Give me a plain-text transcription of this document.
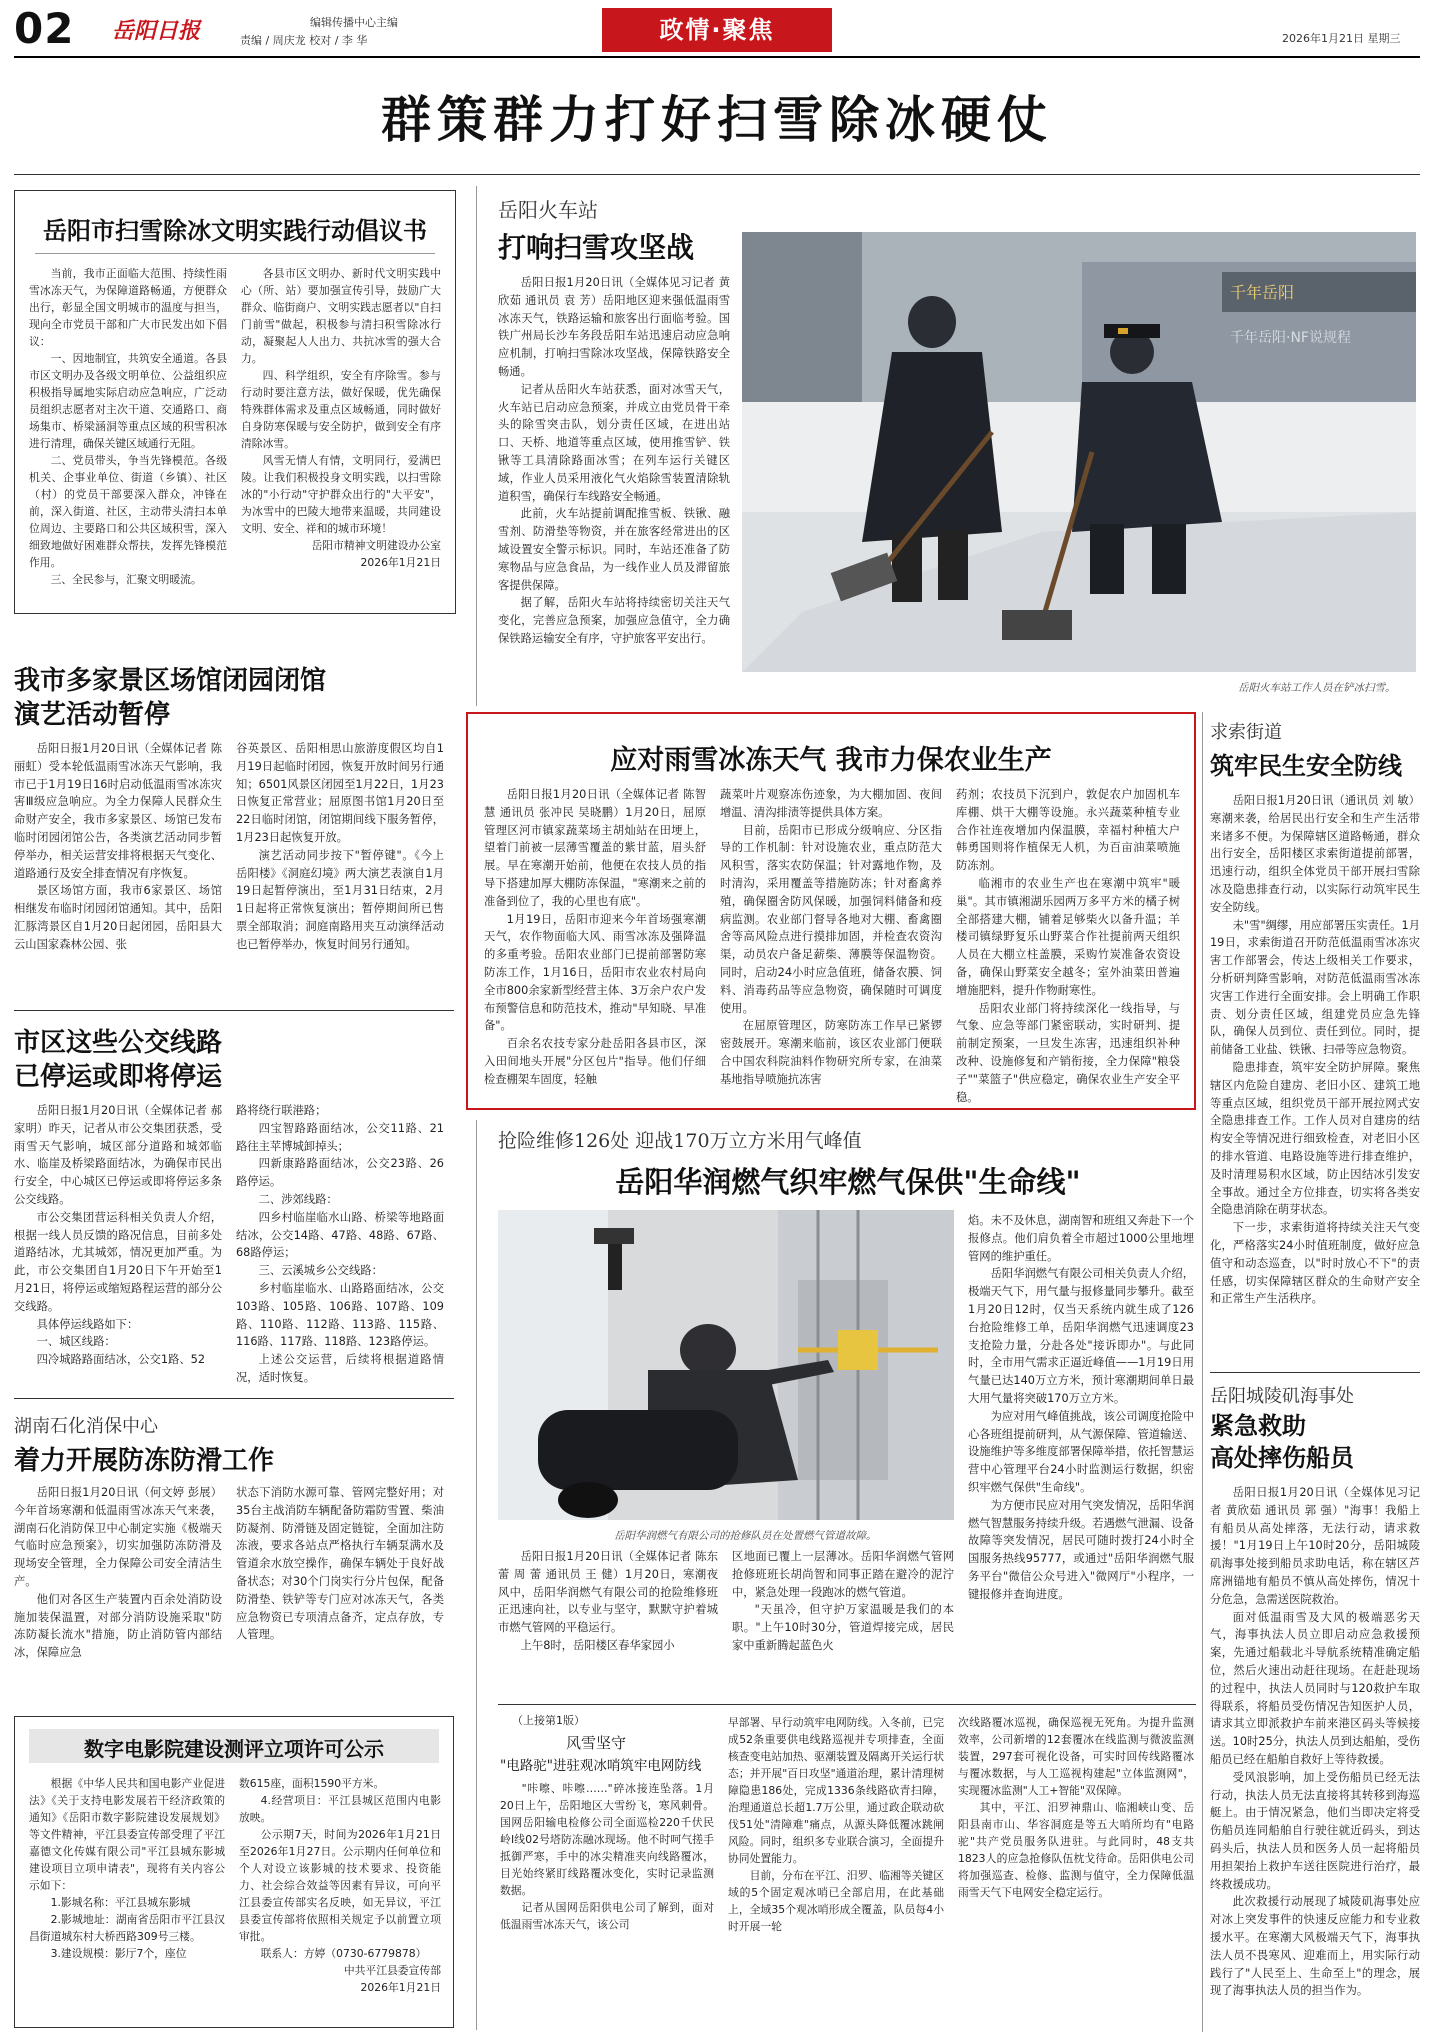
02 岳阳日报	编辑传播中心主编
责编 / 周庆龙 校对 / 李 华	政情·聚焦	2026年1月21日 星期三
群策群力打好扫雪除冰硬仗
岳阳市扫雪除冰文明实践行动倡议书

当前，我市正面临大范围、持续性雨雪冰冻天气，为保障道路畅通，方便群众出行，彰显全国文明城市的温度与担当，现向全市党员干部和广大市民发出如下倡议：

一、因地制宜，共筑安全通道。各县市区文明办及各级文明单位、公益组织应积极指导属地实际启动应急响应，广泛动员组织志愿者对主次干道、交通路口、商场集市、桥梁涵洞等重点区域的积雪积冰进行清理，确保关键区域通行无阻。

二、党员带头，争当先锋模范。各级机关、企事业单位、街道（乡镇）、社区（村）的党员干部要深入群众，冲锋在前，深入街道、社区，主动带头清扫本单位周边、主要路口和公共区域积雪，深入细致地做好困难群众帮扶，发挥先锋模范作用。

三、全民参与，汇聚文明暖流。

各县市区文明办、新时代文明实践中心（所、站）要加强宣传引导，鼓励广大群众、临街商户、文明实践志愿者以"自扫门前雪"做起，积极参与清扫积雪除冰行动，凝聚起人人出力、共抗冰雪的强大合力。

四、科学组织，安全有序除雪。参与行动时要注意方法，做好保暖，优先确保特殊群体需求及重点区域畅通，同时做好自身防寒保暖与安全防护，做到安全有序清除冰雪。

风雪无情人有情，文明同行，爱满巴陵。让我们积极投身文明实践，以扫雪除冰的"小行动"守护群众出行的"大平安"，为冰雪中的巴陵大地带来温暖，共同建设文明、安全、祥和的城市环境！

岳阳市精神文明建设办公室

2026年1月21日

岳阳火车站
打响扫雪攻坚战

岳阳日报1月20日讯（全媒体见习记者 黄欣茹 通讯员 袁 芳）岳阳地区迎来强低温雨雪冰冻天气，铁路运输和旅客出行面临考验。国铁广州局长沙车务段岳阳车站迅速启动应急响应机制，打响扫雪除冰攻坚战，保障铁路安全畅通。

记者从岳阳火车站获悉，面对冰雪天气，火车站已启动应急预案，并成立由党员骨干牵头的除雪突击队，划分责任区域，在进出站口、天桥、地道等重点区域，使用推雪铲、铁锹等工具清除路面冰雪；在列车运行关键区域，作业人员采用液化气火焰除雪装置清除轨道积雪，确保行车线路安全畅通。

此前，火车站提前调配推雪板、铁锹、融雪剂、防滑垫等物资，并在旅客经常进出的区域设置安全警示标识。同时，车站还准备了防寒物品与应急食品，为一线作业人员及滞留旅客提供保障。

据了解，岳阳火车站将持续密切关注天气变化，完善应急预案，加强应急值守，全力确保铁路运输安全有序，守护旅客平安出行。

千年岳阳
千年岳阳·NF说规程
岳阳火车站工作人员在铲冰扫雪。
我市多家景区场馆闭园闭馆
演艺活动暂停

岳阳日报1月20日讯（全媒体记者 陈丽虹）受本轮低温雨雪冰冻天气影响，我市已于1月19日16时启动低温雨雪冰冻灾害Ⅲ级应急响应。为全力保障人民群众生命财产安全，我市多家景区、场馆已发布临时闭园闭馆公告，各类演艺活动同步暂停举办，相关运营安排将根据天气变化、道路通行及安全排查情况有序恢复。

景区场馆方面，我市6家景区、场馆相继发布临时闭园闭馆通知。其中，岳阳汇豚湾景区自1月20日起闭园，岳阳县大云山国家森林公园、张

谷英景区、岳阳相思山旅游度假区均自1月19日起临时闭园，恢复开放时间另行通知；6501风景区闭园至1月22日，1月23日恢复正常营业；屈原图书馆1月20日至22日临时闭馆，闭馆期间线下服务暂停，1月23日起恢复开放。

演艺活动同步按下"暂停键"。《今上岳阳楼》《洞庭幻境》两大演艺表演自1月19日起暂停演出，至1月31日结束，2月1日起将正常恢复演出；暂停期间所已售票全部取消；洞庭南路用夹互动演绎活动也已暂停举办，恢复时间另行通知。

市区这些公交线路
已停运或即将停运

岳阳日报1月20日讯（全媒体记者 郝家明）昨天，记者从市公交集团获悉，受雨雪天气影响，城区部分道路和城郊临水、临崖及桥梁路面结冰，为确保市民出行安全，中心城区已停运或即将停运多条公交线路。

市公交集团营运科相关负责人介绍，根据一线人员反馈的路况信息，目前多处道路结冰，尤其城郊，情况更加严重。为此，市公交集团自1月20日下午开始至1月21日，将停运或缩短路程运营的部分公交线路。

具体停运线路如下：

一、城区线路：

四冷城路路面结冰，公交1路、52

路将绕行联港路；

四宝智路路面结冰，公交11路、21路往主苹博城卸掉头；

四新康路路面结冰，公交23路、26路停运。

二、涉郊线路：

四乡村临崖临水山路、桥梁等地路面结冰，公交14路、47路、48路、67路、68路停运；

三、云溪城乡公交线路：

乡村临崖临水、山路路面结冰，公交103路、105路、106路、107路、109路、110路、112路、113路、115路、116路、117路、118路、123路停运。

上述公交运营，后续将根据道路情况，适时恢复。

湖南石化消保中心
着力开展防冻防滑工作

岳阳日报1月20日讯（何文婷 彭展）今年首场寒潮和低温雨雪冰冻天气来袭，湖南石化消防保卫中心制定实施《极端天气临时应急预案》，切实加强防冻防滑及现场安全管理，全力保障公司安全清洁生产。

他们对各区生产装置内百余处消防设施加装保温置，对部分消防设施采取"防冻防凝长流水"措施，防止消防管内部结冰，保障应急

状态下消防水源可靠、管网完整好用；对35台主战消防车辆配备防霜防雪置、柴油防凝剂、防滑链及固定链锭，全面加注防冻液，要求各站点严格执行车辆泵满水及管道余水放空操作，确保车辆处于良好战备状态；对30个门岗实行分片包保，配备防滑垫、铁铲等专门应对冰冻天气，各类应急物资已专项清点备齐，定点存放，专人管理。

数字电影院建设测评立项许可公示

根据《中华人民共和国电影产业促进法》《关于支持电影发展若干经济政策的通知》《岳阳市数字影院建设发展规划》等文件精神，平江县委宣传部受理了平江嘉德文化传媒有限公司"平江县城东影城建设项目立项申请表"，现将有关内容公示如下：

1.影城名称：平江县城东影城

2.影城地址：湖南省岳阳市平江县汉昌街道城东村大桥西路309号三楼。

3.建设规模：影厅7个，座位

数615座，面积1590平方米。

4.经营项目：平江县城区范围内电影放映。

公示期7天，时间为2026年1月21日至2026年1月27日。公示期内任何单位和个人对设立该影城的技术要求、投资能力、社会综合效益等因素有异议，可向平江县委宣传部实名反映，如无异议，平江县委宣传部将依照相关规定予以前置立项审批。

联系人：方婷（0730-6779878）

中共平江县委宣传部

2026年1月21日

应对雨雪冰冻天气 我市力保农业生产

岳阳日报1月20日讯（全媒体记者 陈智慧 通讯员 张冲民 吴晓鹏）1月20日，屈原管理区河市镇家蔬菜场主胡灿站在田埂上，望着门前被一层薄雪覆盖的紫甘蓝，眉头舒展。早在寒潮开始前，他便在农技人员的指导下搭建加厚大棚防冻保温，"寒潮来之前的准备到位了，我的心里也有底"。

1月19日，岳阳市迎来今年首场强寒潮天气，农作物面临大风、雨雪冰冻及强降温的多重考验。岳阳农业部门已提前部署防寒防冻工作，1月16日，岳阳市农业农村局向全市800余家新型经营主体、3万余户农户发布预警信息和防范技术，推动"早知晓、早准备"。

百余名农技专家分赴岳阳各县市区，深入田间地头开展"分区包片"指导。他们仔细检查棚架车固度，轻触

蔬菜叶片观察冻伤迹象，为大棚加固、夜间增温、清沟排渍等提供具体方案。

目前，岳阳市已形成分级响应、分区指导的工作机制：针对设施农业，重点防范大风积雪，落实农防保温；针对露地作物，及时清沟，采用覆盖等措施防冻；针对畜禽养殖，确保圈舍防风保暖，加强饲料储备和疫病监测。农业部门督导各地对大棚、畜禽圈舍等高风险点进行摸排加固，并检查农资沟渠，动员农户备足薪柴、薄膜等保温物资。同时，启动24小时应急值班，储备农膜、饲料、消毒药品等应急物资，确保随时可调度使用。

在屈原管理区，防寒防冻工作早已紧锣密鼓展开。寒潮来临前，该区农业部门便联合中国农科院油料作物研究所专家，在油菜基地指导喷施抗冻害

药剂；农技员下沉到户，敦促农户加固机车库棚、烘干大棚等设施。永兴蔬菜种植专业合作社连夜增加内保温膜，幸福村种植大户韩勇国则将作植保无人机，为百亩油菜喷施防冻剂。

临湘市的农业生产也在寒潮中筑牢"暖巢"。其市镇湘湖乐园两万多平方米的橘子树全部搭建大棚，铺着足够柴火以备升温；羊楼司镇绿野复乐山野菜合作社提前两天组织人员在大棚立柱盖膜，采购竹炭准备农资设备，确保山野菜安全越冬；室外油菜田普遍增施肥料，提升作物耐寒性。

岳阳农业部门将持续深化一线指导，与气象、应急等部门紧密联动，实时研判、提前制定预案，一旦发生冻害，迅速组织补种改种、设施修复和产销衔接，全力保障"粮袋子""菜篮子"供应稳定，确保农业生产安全平稳。

求索街道
筑牢民生安全防线

岳阳日报1月20日讯（通讯员 刘 敏）寒潮来袭，给居民出行安全和生产生活带来诸多不便。为保障辖区道路畅通，群众出行安全，岳阳楼区求索街道提前部署，迅速行动，组织全体党员干部开展扫雪除冰及隐患排查行动，以实际行动筑牢民生安全防线。

未"雪"绸缪，用应部署压实责任。1月19日，求索街道召开防范低温雨雪冰冻灾害工作部署会，传达上级相关工作要求，分析研判降雪影响，对防范低温雨雪冰冻灾害工作进行全面安排。会上明确工作职责、划分责任区域，组建党员应急先锋队，确保人员到位、责任到位。同时，提前储备工业盐、铁锹、扫帚等应急物资。

隐患排查，筑牢安全防护屏障。聚焦辖区内危险自建房、老旧小区、建筑工地等重点区域，组织党员干部开展拉网式安全隐患排查工作。工作人员对自建房的结构安全等情况进行细致检查，对老旧小区的排水管道、电路设施等进行排查维护，及时清理易积水区域，防止因结冰引发安全事故。通过全方位排查，切实将各类安全隐患消除在萌芽状态。

下一步，求索街道将持续关注天气变化，严格落实24小时值班制度，做好应急值守和动态巡查，以"时时放心不下"的责任感，切实保障辖区群众的生命财产安全和正常生产生活秩序。

岳阳城陵矶海事处
紧急救助
高处摔伤船员

岳阳日报1月20日讯（全媒体见习记者 黄欣茹 通讯员 郭 强）"海事！我船上有船员从高处摔落，无法行动，请求救援！"1月19日上午10时20分，岳阳城陵矶海事处接到船员求助电话，称在辖区芦席洲锚地有船员不慎从高处摔伤，情况十分危急，急需送医院救治。

面对低温雨雪及大风的极端恶劣天气，海事执法人员立即启动应急救援预案，先通过船载北斗导航系统精准确定船位，然后火速出动赶往现场。在赶赴现场的过程中，执法人员同时与120救护车取得联系，将船员受伤情况告知医护人员，请求其立即派救护车前来港区码头等候接送。10时25分，执法人员到达船舶，受伤船员已经在船舶自救好上等待救援。

受风浪影响，加上受伤船员已经无法行动，执法人员无法直接将其转移到海巡艇上。由于情况紧急，他们当即决定将受伤船员连同船舶自行驶往就近码头，到达码头后，执法人员和医务人员一起将船员用担架抬上救护车送往医院进行治疗，最终救援成功。

此次救援行动展现了城陵矶海事处应对冰上突发事件的快速反应能力和专业救援水平。在寒潮大风极端天气下，海事执法人员不畏寒风、迎难而上，用实际行动践行了"人民至上、生命至上"的理念，展现了海事执法人员的担当作为。

抢险维修126处 迎战170万立方米用气峰值
岳阳华润燃气织牢燃气保供"生命线"
岳阳华润燃气有限公司的抢修队员在处置燃气管道故障。

焰。未不及休息，湖南智和班组又奔赴下一个报修点。他们肩负着全市超过1000公里地埋管网的维护重任。

岳阳华润燃气有限公司相关负责人介绍，极端天气下，用气量与报修量同步攀升。截至1月20日12时，仅当天系统内就生成了126台抢险维修工单，岳阳华润燃气迅速调度23支抢险力量，分赴各处"接诉即办"。与此同时，全市用气需求正逼近峰值——1月19日用气量已达140万立方米，预计寒潮期间单日最大用气量将突破170万立方米。

为应对用气峰值挑战，该公司调度抢险中心各班组提前研判，从气源保障、管道输送、设施维护等多维度部署保障举措，依托智慧运营中心管理平台24小时监测运行数据，织密织牢燃气保供"生命线"。

为方便市民应对用气突发情况，岳阳华润燃气智慧服务持续升级。若遇燃气泄漏、设备故障等突发情况，居民可随时拨打24小时全国服务热线95777，或通过"岳阳华润燃气服务平台"微信公众号进入"微网厅"小程序，一键报修并查询进度。

岳阳日报1月20日讯（全媒体记者 陈东蕾 周 蕾 通讯员 王 健）1月20日，寒潮夜风中，岳阳华润燃气有限公司的抢险维修班正迅速向社，以专业与坚守，默默守护着城市燃气管网的平稳运行。

上午8时，岳阳楼区春华家园小

区地面已覆上一层薄冰。岳阳华润燃气管网抢修班班长胡尚智和同事正踏在避冷的泥泞中，紧急处理一段跑冰的燃气管道。

"天虽冷，但守护万家温暖是我们的本职。"上午10时30分，管道焊接完成，居民家中重新腾起蓝色火

（上接第1版）
风雪坚守
"电路驼"进驻观冰哨筑牢电网防线

"咔嚓、咔嚓……"碎冰接连坠落。1月20日上午，岳阳地区大雪纷飞，寒风刺骨。国网岳阳输电检修公司全面巡检220千伏民岭I线02号塔防冻融冰现场。他不时呵气搓手抵御严寒，手中的冰尖精准夹向线路覆冰，目光始终紧盯线路覆冰变化，实时记录监测数据。

记者从国网岳阳供电公司了解到，面对低温雨雪冰冻天气，该公司

早部署、早行动筑牢电网防线。入冬前，已完成52条重要供电线路巡视并专项排查，全面核查变电站加热、驱潮装置及隔离开关运行状态；并开展"百日攻坚"通道治理，累计清理树障隐患186处，完成1336条线路砍青扫障，治理通道总长超1.7万公里，通过政企联动砍伐51处"清障难"痛点，从源头降低覆冰跳闸风险。同时，组织多专业联合演习，全面提升协同处置能力。

目前，分布在平江、汨罗、临湘等关键区域的5个固定观冰哨已全部启用，在此基础上，全域35个观冰哨形成全覆盖，队员每4小时开展一轮

次线路覆冰巡视，确保巡视无死角。为提升监测效率，公司新增的12套覆冰在线监测与微波监测装置，297套可视化设备，可实时回传线路覆冰与覆冰数据，与人工巡视构建起"立体监测网"，实现覆冰监测"人工+智能"双保障。

其中，平江、汨罗神鼎山、临湘峡山变、岳阳县南市山、华容洞庭是等五大哨所均有"电路驼"共产党员服务队进驻。与此同时，48支共1823人的应急抢修队伍枕戈待命。岳阳供电公司将加强巡查、检修、监测与值守，全力保障低温雨雪天气下电网安全稳定运行。
